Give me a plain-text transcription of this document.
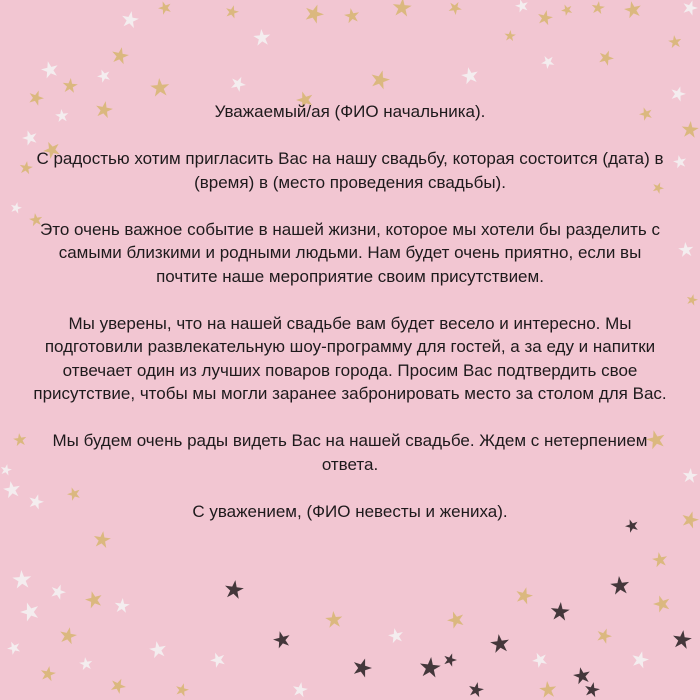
Уважаемый/ая (ФИО начальника).

С радостью хотим пригласить Вас на нашу свадьбу, которая состоится (дата) в (время) в (место проведения свадьбы).

Это очень важное событие в нашей жизни, которое мы хотели бы разделить с самыми близкими и родными людьми. Нам будет очень приятно, если вы почтите наше мероприятие своим присутствием.

Мы уверены, что на нашей свадьбе вам будет весело и интересно. Мы подготовили развлекательную шоу-программу для гостей, а за еду и напитки отвечает один из лучших поваров города. Просим Вас подтвердить свое присутствие, чтобы мы могли заранее забронировать место за столом для Вас.

Мы будем очень рады видеть Вас на нашей свадьбе. Ждем с нетерпением ответа.

С уважением, (ФИО невесты и жениха).
